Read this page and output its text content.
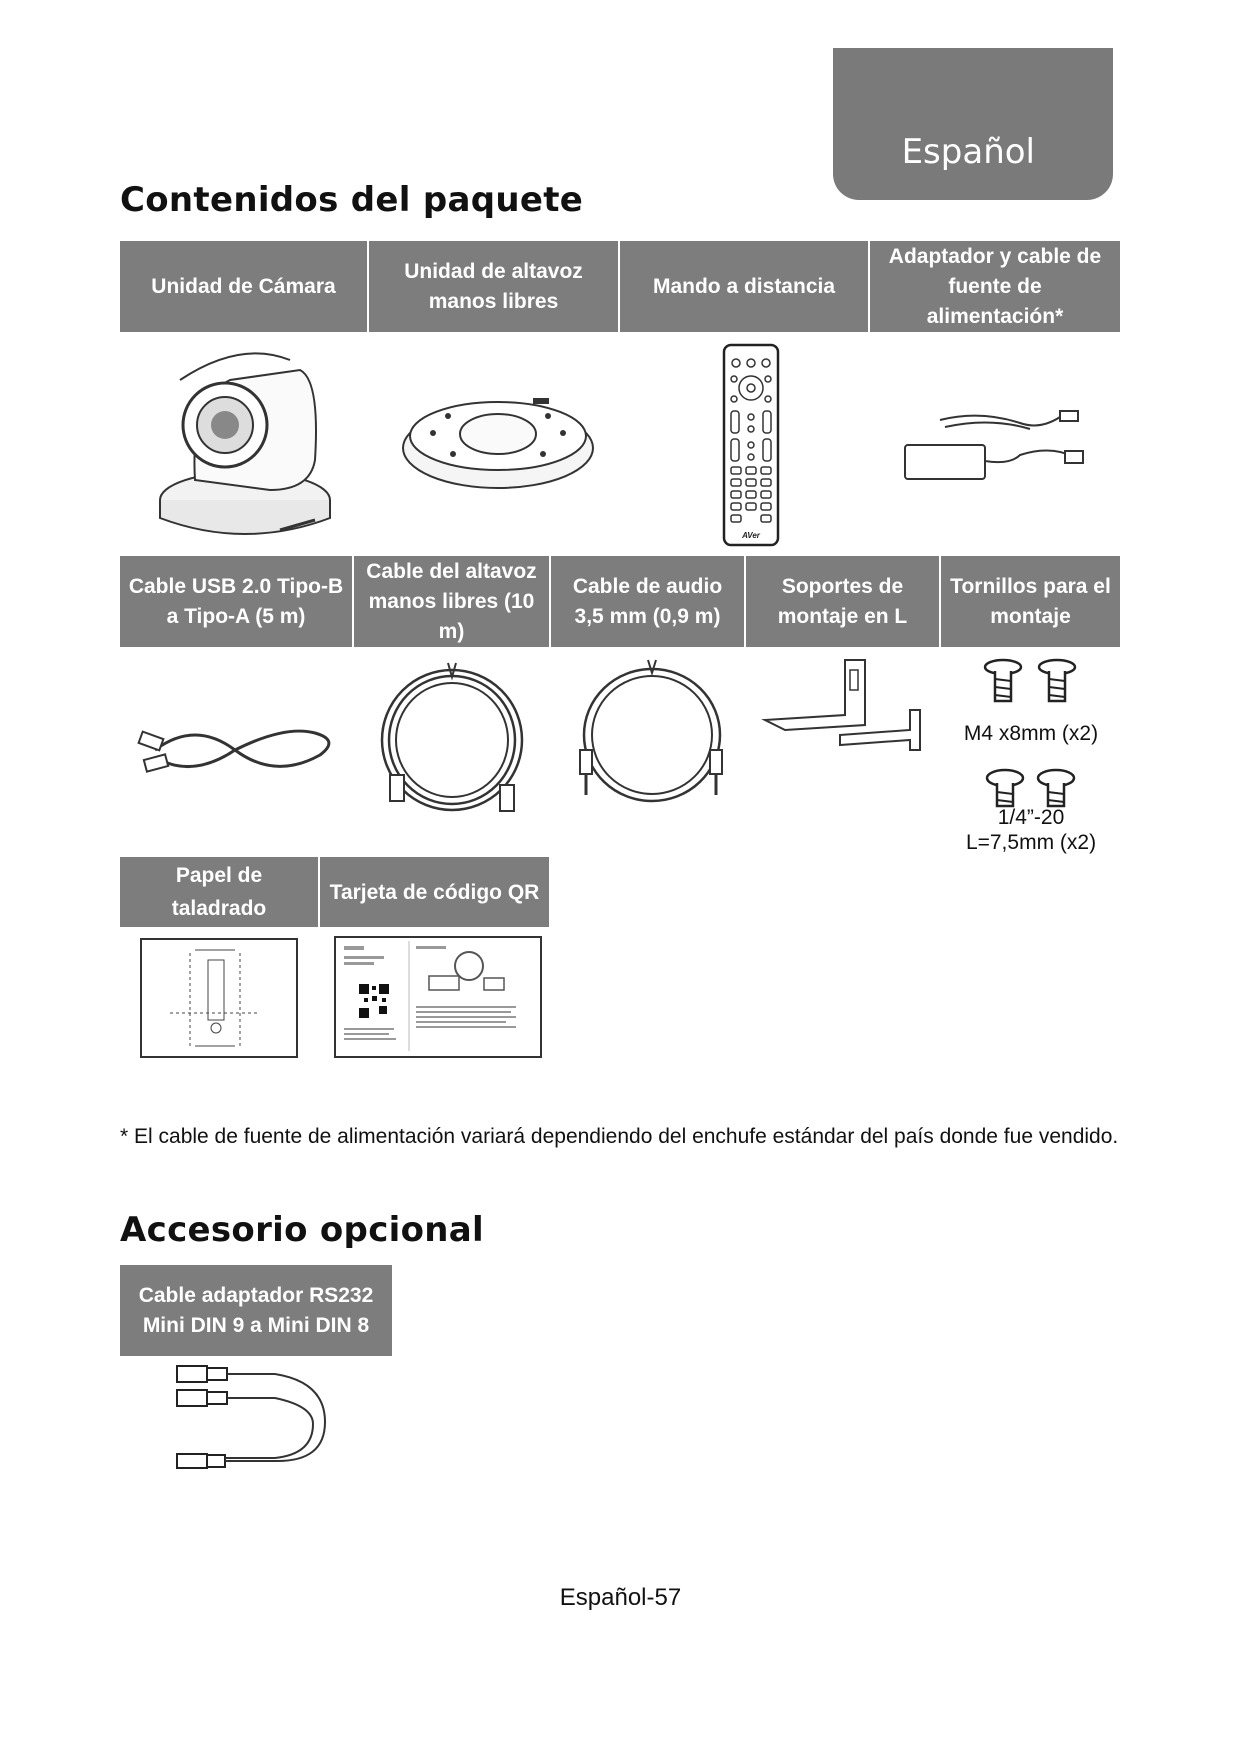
Español
Contenidos del paquete
Unidad de Cámara
Unidad de altavoz manos libres
Mando a distancia
Adaptador y cable de fuente de alimentación*
AVer
Cable USB 2.0 Tipo-B a Tipo-A (5 m)
Cable del altavoz manos libres (10 m)
Cable de audio 3,5 mm (0,9 m)
Soportes de montaje en L
Tornillos para el montaje
M4 x8mm (x2)
1/4”-20
L=7,5mm (x2)
Papel de taladrado
Tarjeta de código QR
* El cable de fuente de alimentación variará dependiendo del enchufe estándar del país donde fue vendido.
Accesorio opcional
Cable adaptador RS232 Mini DIN 9 a Mini DIN 8
Español-57
